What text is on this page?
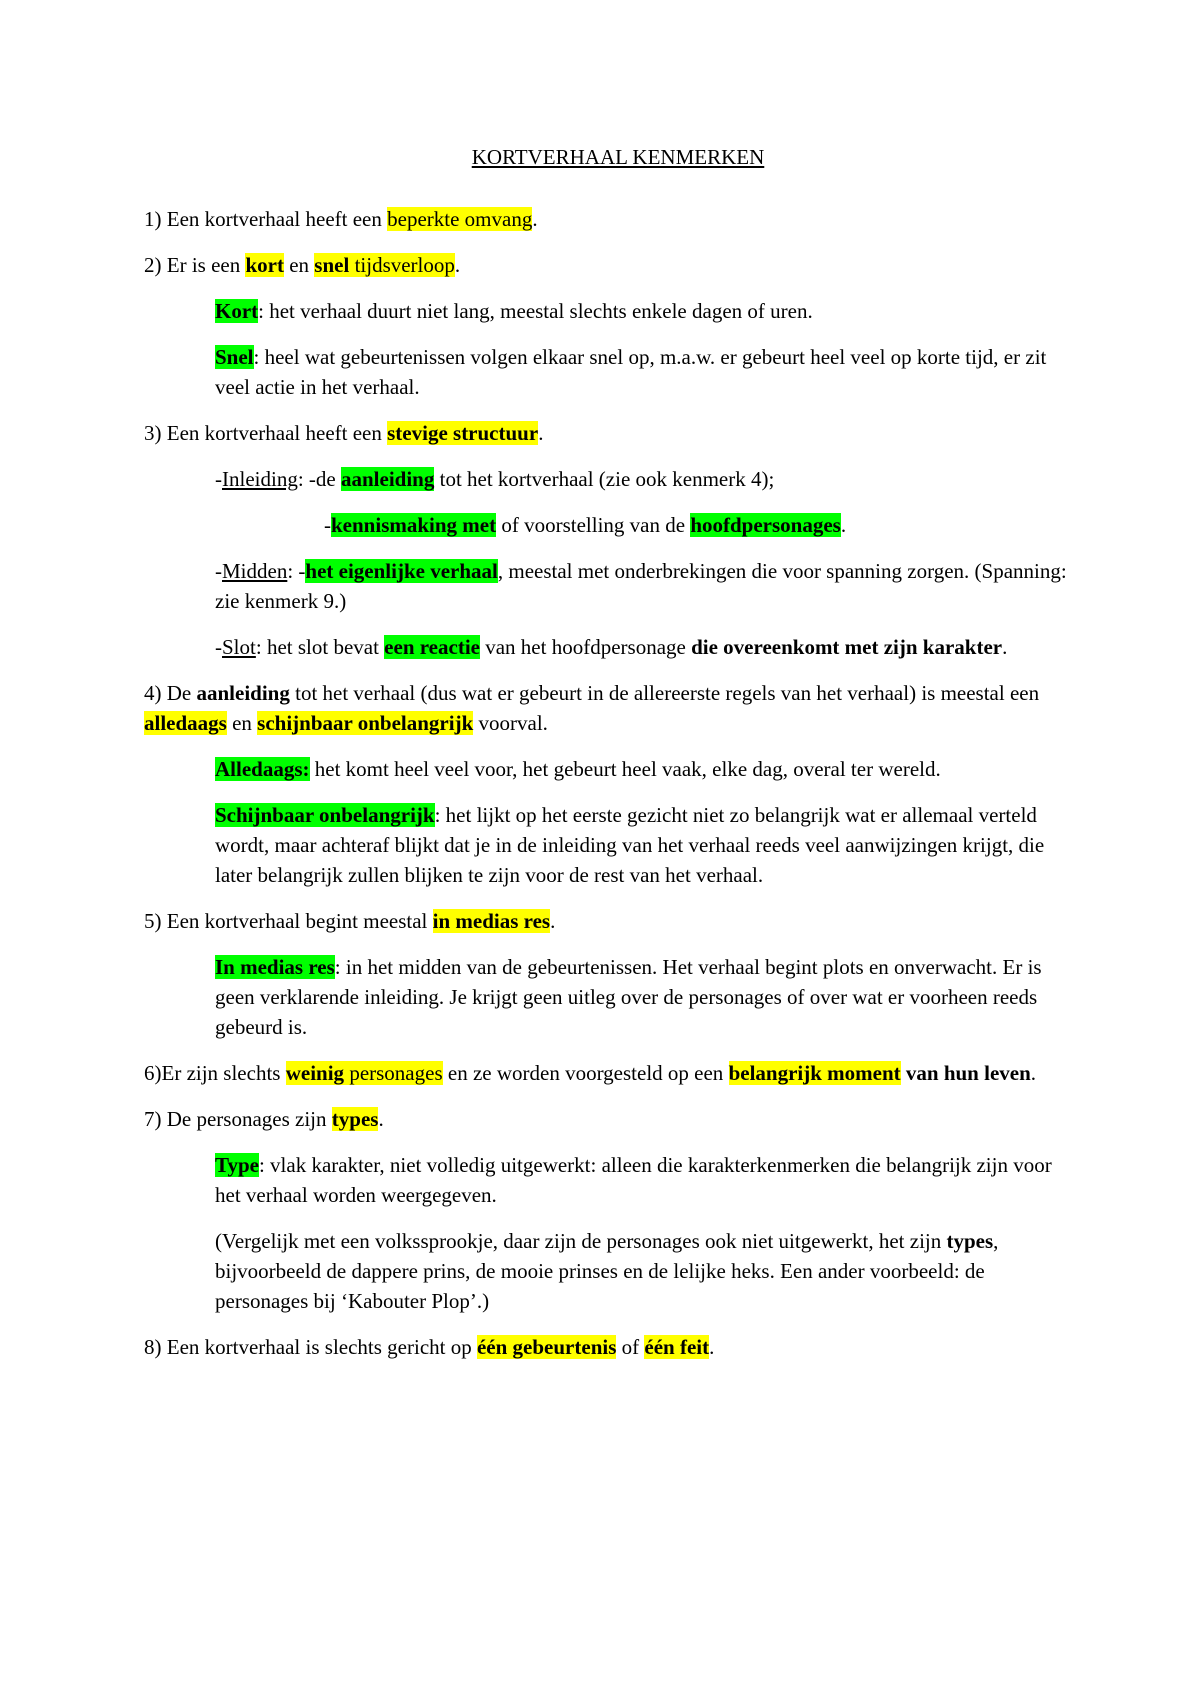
KORTVERHAAL KENMERKEN

1) Een kortverhaal heeft een beperkte omvang.

2) Er is een kort en snel tijdsverloop.

Kort: het verhaal duurt niet lang, meestal slechts enkele dagen of uren.

Snel: heel wat gebeurtenissen volgen elkaar snel op, m.a.w. er gebeurt heel veel op korte tijd, er zit veel actie in het verhaal.

3) Een kortverhaal heeft een stevige structuur.

-Inleiding: -de aanleiding tot het kortverhaal (zie ook kenmerk 4);

-kennismaking met of voorstelling van de hoofdpersonages.

-Midden: -het eigenlijke verhaal, meestal met onderbrekingen die voor spanning zorgen. (Spanning: zie kenmerk 9.)

-Slot: het slot bevat een reactie van het hoofdpersonage die overeenkomt met zijn karakter.

4) De aanleiding tot het verhaal (dus wat er gebeurt in de allereerste regels van het verhaal) is meestal een alledaags en schijnbaar onbelangrijk voorval.

Alledaags: het komt heel veel voor, het gebeurt heel vaak, elke dag, overal ter wereld.

Schijnbaar onbelangrijk: het lijkt op het eerste gezicht niet zo belangrijk wat er allemaal verteld wordt, maar achteraf blijkt dat je in de inleiding van het verhaal reeds veel aanwijzingen krijgt, die later belangrijk zullen blijken te zijn voor de rest van het verhaal.

5) Een kortverhaal begint meestal in medias res.

In medias res: in het midden van de gebeurtenissen. Het verhaal begint plots en onverwacht. Er is geen verklarende inleiding. Je krijgt geen uitleg over de personages of over wat er voorheen reeds gebeurd is.

6)Er zijn slechts weinig personages en ze worden voorgesteld op een belangrijk moment van hun leven.

7) De personages zijn types.

Type: vlak karakter, niet volledig uitgewerkt: alleen die karakterkenmerken die belangrijk zijn voor het verhaal worden weergegeven.

(Vergelijk met een volkssprookje, daar zijn de personages ook niet uitgewerkt, het zijn types, bijvoorbeeld de dappere prins, de mooie prinses en de lelijke heks. Een ander voorbeeld: de personages bij ‘Kabouter Plop’.)

8) Een kortverhaal is slechts gericht op één gebeurtenis of één feit.
